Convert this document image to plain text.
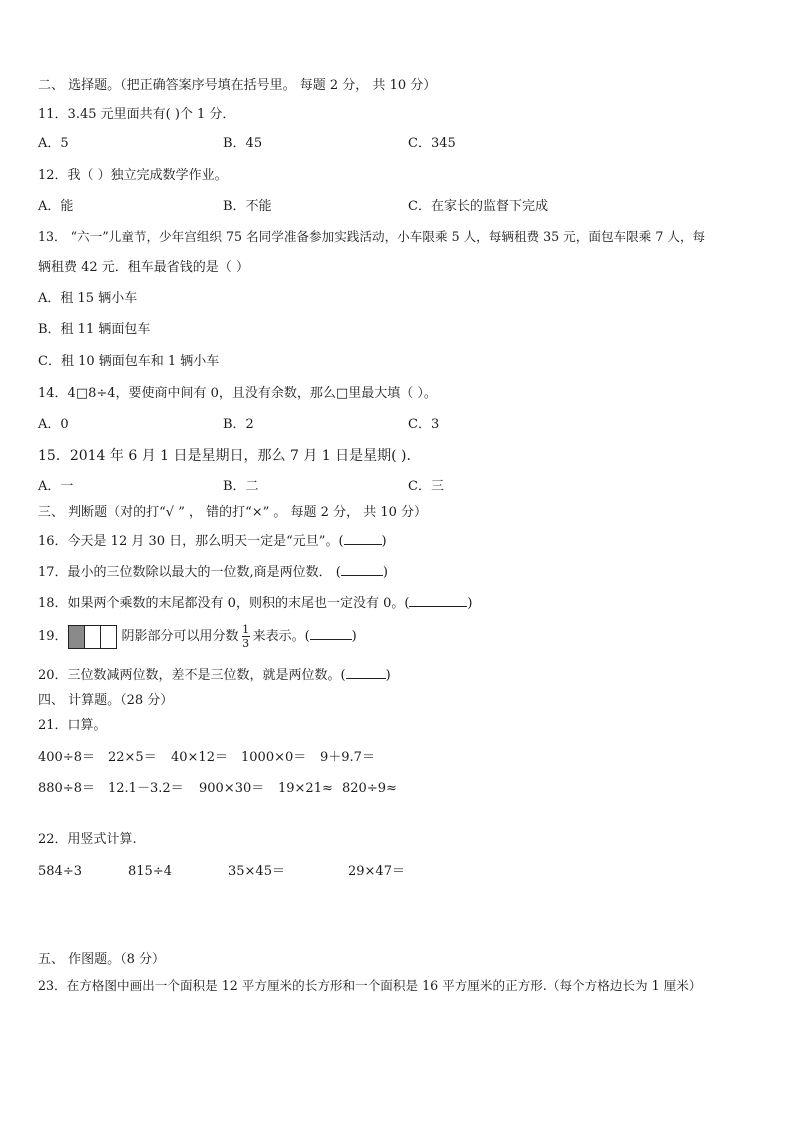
二、 选择题。（把正确答案序号填在括号里。 每题 2 分， 共 10 分）
11．3.45 元里面共有( )个 1 分．
A．5	B．45	C．345
12．我（ ）独立完成数学作业。
A．能	B．不能	C．在家长的监督下完成
13． “六一”儿童节，少年宫组织 75 名同学准备参加实践活动，小车限乘 5 人，每辆租费 35 元，面包车限乘 7 人，每
辆租费 42 元．租车最省钱的是（ ）
A．租 15 辆小车
B．租 11 辆面包车
C．租 10 辆面包车和 1 辆小车
14．4□8÷4，要使商中间有 0，且没有余数，那么□里最大填（ ）。
A．0	B．2	C．3
15．2014 年 6 月 1 日是星期日，那么 7 月 1 日是星期( )．
A．一	B．二	C．三
三、 判断题（对的打“√ ” ， 错的打“×” 。 每题 2 分， 共 10 分）
16．今天是 12 月 30 日，那么明天一定是“元旦”。(	)
17．最小的三位数除以最大的一位数,商是两位数． (	)
18．如果两个乘数的末尾都没有 0，则积的末尾也一定没有 0。(	)
19．	阴影部分可以用分数 $\frac{1}{3}$ 来表示。(	)
20．三位数减两位数，差不是三位数，就是两位数。(	)
四、 计算题。（28 分）
21．口算。
400÷8＝ 22×5＝ 40×12＝ 1000×0＝ 9＋9.7＝
880÷8＝ 12.1－3.2＝ 900×30＝ 19×21≈ 820÷9≈
22．用竖式计算.
584÷3	815÷4	35×45＝	29×47＝
五、 作图题。（8 分）
23．在方格图中画出一个面积是 12 平方厘米的长方形和一个面积是 16 平方厘米的正方形.（每个方格边长为 1 厘米）
